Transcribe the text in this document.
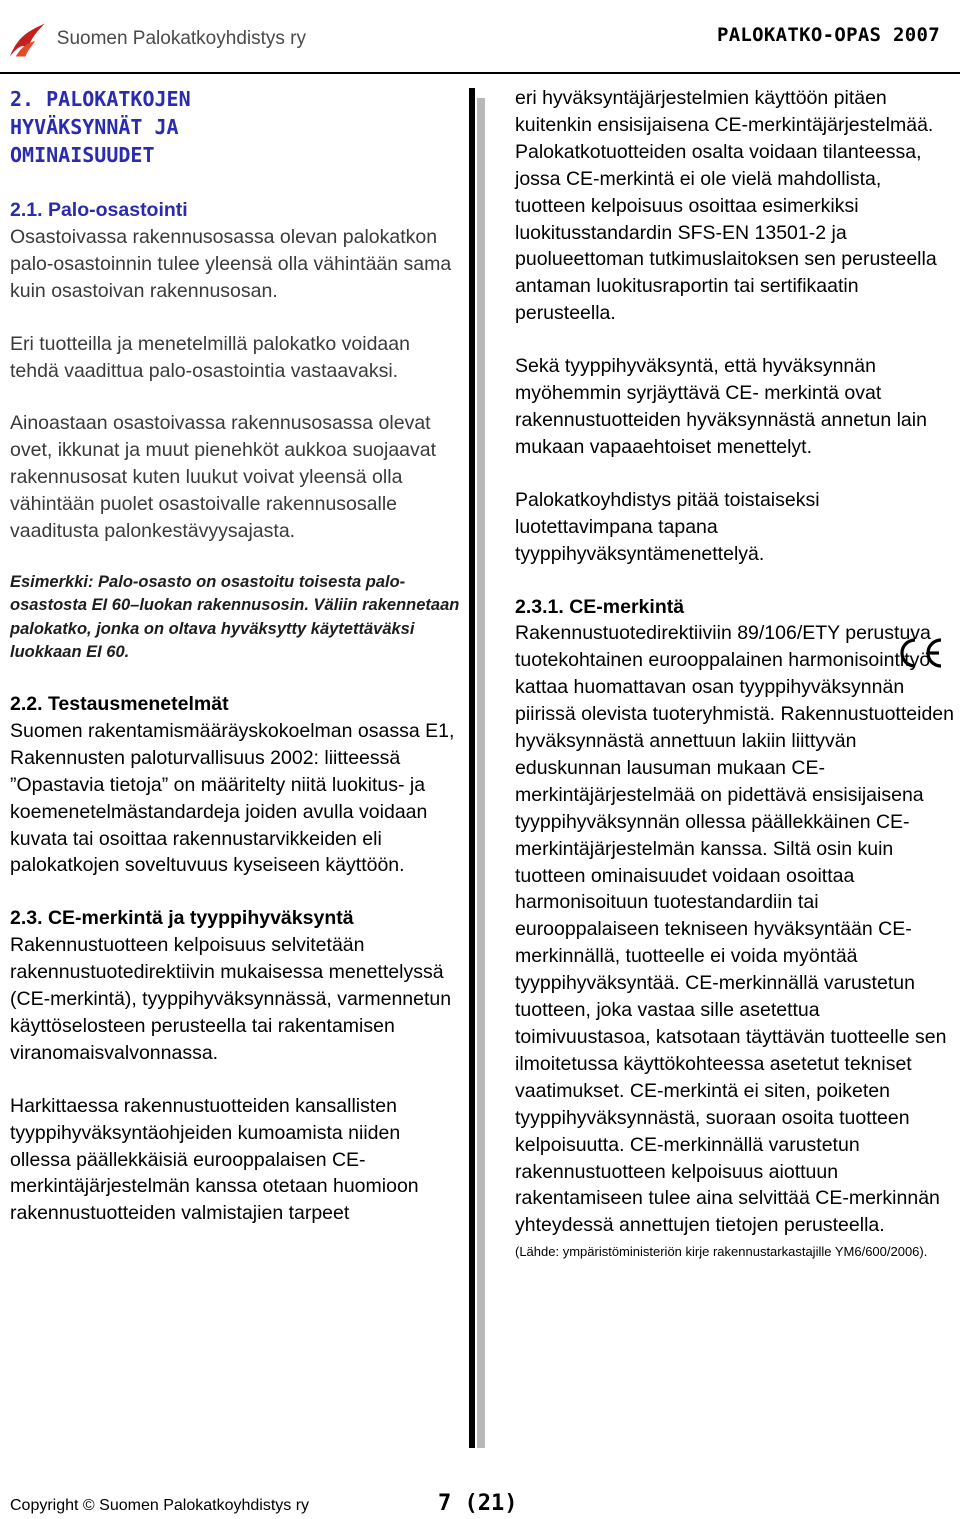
Suomen Palokatkoyhdistys ry	PALOKATKO-OPAS 2007
2. PALOKATKOJEN
HYVÄKSYNNÄT JA
OMINAISUUDET
2.1. Palo-osastointi

Osastoivassa rakennusosassa olevan palokatkon palo-osastoinnin tulee yleensä olla vähintään sama kuin osastoivan rakennusosan.

Eri tuotteilla ja menetelmillä palokatko voidaan tehdä vaadittua palo-osastointia vastaavaksi.

Ainoastaan osastoivassa rakennusosassa olevat ovet, ikkunat ja muut pienehköt aukkoa suojaavat rakennusosat kuten luukut voivat yleensä olla vähintään puolet osastoivalle rakennusosalle vaaditusta palonkestävyysajasta.

Esimerkki: Palo-osasto on osastoitu toisesta palo-osastosta EI 60–luokan rakennusosin. Väliin rakennetaan palokatko, jonka on oltava hyväksytty käytettäväksi luokkaan EI 60.

2.2. Testausmenetelmät

Suomen rakentamismääräyskokoelman osassa E1, Rakennusten paloturvallisuus 2002: liitteessä ”Opastavia tietoja” on määritelty niitä luokitus- ja koemenetelmästandardeja joiden avulla voidaan kuvata tai osoittaa rakennustarvikkeiden eli palokatkojen soveltuvuus kyseiseen käyttöön.

2.3. CE-merkintä ja tyyppihyväksyntä

Rakennustuotteen kelpoisuus selvitetään rakennustuotedirektiivin mukaisessa menettelyssä (CE-merkintä), tyyppihyväksynnässä, varmennetun käyttöselosteen perusteella tai rakentamisen viranomaisvalvonnassa.

Harkittaessa rakennustuotteiden kansallisten tyyppihyväksyntäohjeiden kumoamista niiden ollessa päällekkäisiä eurooppalaisen CE- merkintäjärjestelmän kanssa otetaan huomioon rakennustuotteiden valmistajien tarpeet

eri hyväksyntäjärjestelmien käyttöön pitäen kuitenkin ensisijaisena CE-merkintäjärjestelmää. Palokatkotuotteiden osalta voidaan tilanteessa, jossa CE-merkintä ei ole vielä mahdollista, tuotteen kelpoisuus osoittaa esimerkiksi luokitusstandardin SFS-EN 13501-2 ja puolueettoman tutkimuslaitoksen sen perusteella antaman luokitusraportin tai sertifikaatin perusteella.

Sekä tyyppihyväksyntä, että hyväksynnän myöhemmin syrjäyttävä CE- merkintä ovat rakennustuotteiden hyväksynnästä annetun lain mukaan vapaaehtoiset menettelyt.

Palokatkoyhdistys pitää toistaiseksi luotettavimpana tapana tyyppihyväksyntämenettelyä.

2.3.1. CE-merkintä

Rakennustuotedirektiiviin 89/106/ETY perustuva tuotekohtainen eurooppalainen harmonisointityö kattaa huomattavan osan tyyppihyväksynnän piirissä olevista tuoteryhmistä. Rakennustuotteiden hyväksynnästä annettuun lakiin liittyvän eduskunnan lausuman mukaan CE-merkintäjärjestelmää on pidettävä ensisijaisena tyyppihyväksynnän ollessa päällekkäinen CE-merkintäjärjestelmän kanssa. Siltä osin kuin tuotteen ominaisuudet voidaan osoittaa harmonisoituun tuotestandardiin tai eurooppalaiseen tekniseen hyväksyntään CE-merkinnällä, tuotteelle ei voida myöntää tyyppihyväksyntää. CE-merkinnällä varustetun tuotteen, joka vastaa sille asetettua toimivuustasoa, katsotaan täyttävän tuotteelle sen ilmoitetussa käyttökohteessa asetetut tekniset vaatimukset. CE-merkintä ei siten, poiketen tyyppihyväksynnästä, suoraan osoita tuotteen kelpoisuutta. CE-merkinnällä varustetun rakennustuotteen kelpoisuus aiottuun rakentamiseen tulee aina selvittää CE-merkinnän yhteydessä annettujen tietojen perusteella.

(Lähde: ympäristöministeriön kirje rakennustarkastajille YM6/600/2006).
Copyright © Suomen Palokatkoyhdistys ry	7 (21)
